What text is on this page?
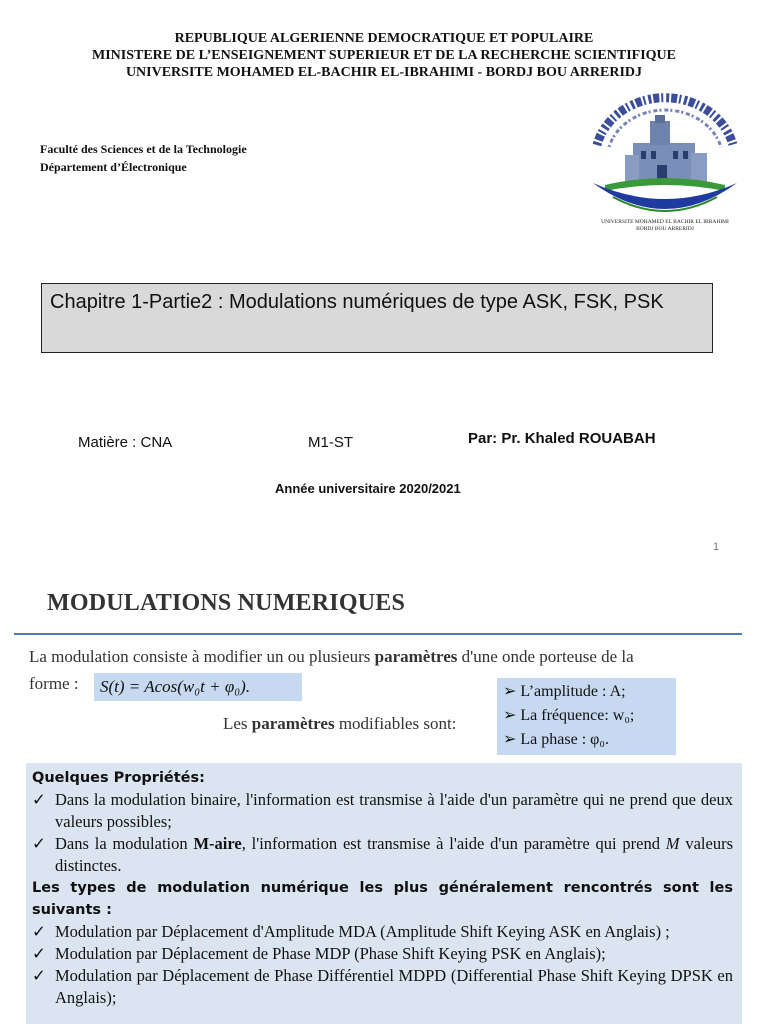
REPUBLIQUE ALGERIENNE DEMOCRATIQUE ET POPULAIRE
MINISTERE DE L’ENSEIGNEMENT SUPERIEUR ET DE LA RECHERCHE SCIENTIFIQUE
UNIVERSITE MOHAMED EL-BACHIR EL-IBRAHIMI - BORDJ BOU ARRERIDJ
Faculté des Sciences et de la Technologie
Département d’Électronique
UNIVERSITE MOHAMED EL BACHIR EL IBRAHIMI
BORDJ BOU ARRERIDJ
Chapitre 1-Partie2 : Modulations numériques de type ASK, FSK, PSK
Matière : CNA	M1-ST	Par: Pr. Khaled ROUABAH
Année universitaire 2020/2021
1
MODULATIONS NUMERIQUES
La modulation consiste à modifier un ou plusieurs paramètres d'une onde porteuse de la
forme :	S(t) = Acos(w₀t + φ₀).
Les paramètres modifiables sont:
➢ L’amplitude : A;
➢ La fréquence: w₀;
➢ La phase : φ₀.
Quelques Propriétés:
✓ Dans la modulation binaire, l'information est transmise à l'aide d'un paramètre qui ne prend que deux valeurs possibles;
✓ Dans la modulation M-aire, l'information est transmise à l'aide d'un paramètre qui prend M valeurs distinctes.
Les types de modulation numérique les plus généralement rencontrés sont les suivants :
✓ Modulation par Déplacement d'Amplitude MDA (Amplitude Shift Keying ASK en Anglais) ;
✓ Modulation par Déplacement de Phase MDP (Phase Shift Keying PSK en Anglais);
✓ Modulation par Déplacement de Phase Différentiel MDPD (Differential Phase Shift Keying DPSK en Anglais);
